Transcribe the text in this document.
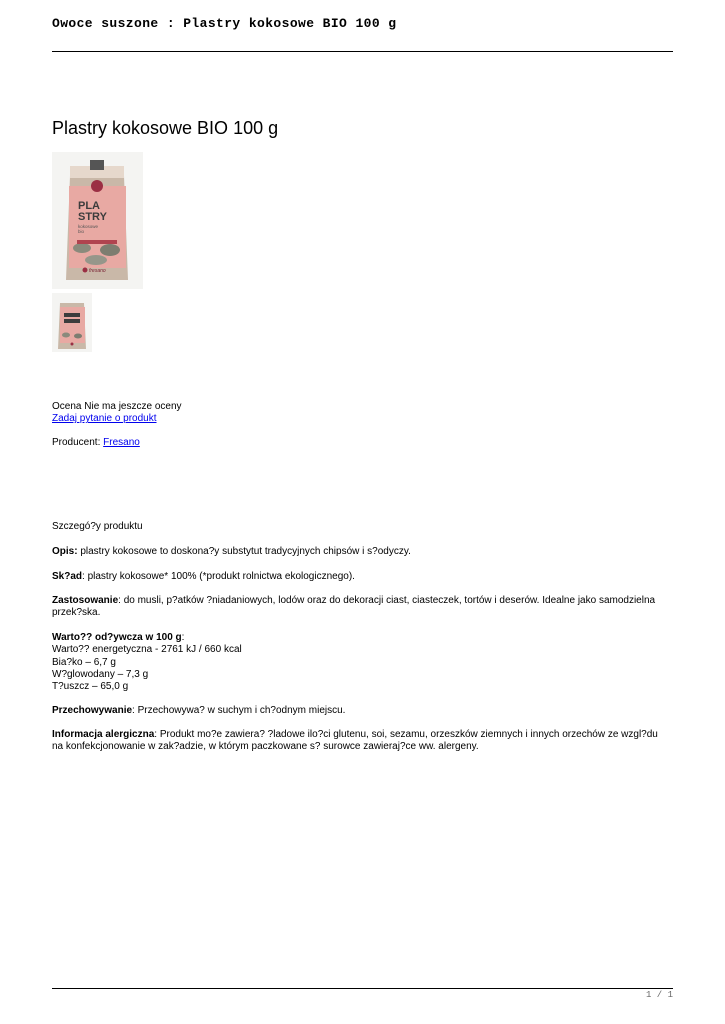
Owoce suszone : Plastry kokosowe BIO 100 g
Plastry kokosowe BIO 100 g
PLA
STRY
kokosowe
bio
fresano

Ocena Nie ma jeszcze oceny

Zadaj pytanie o produkt

Producent: Fresano

Szczegó?y produktu

Opis: plastry kokosowe to doskona?y substytut tradycyjnych chipsów i s?odyczy.

Sk?ad: plastry kokosowe* 100% (*produkt rolnictwa ekologicznego).

Zastosowanie: do musli, p?atków ?niadaniowych, lodów oraz do dekoracji ciast, ciasteczek, tortów i deserów. Idealne jako samodzielna przek?ska.

Warto?? od?ywcza w 100 g:

Warto?? energetyczna - 2761 kJ / 660 kcal

Bia?ko – 6,7 g

W?glowodany – 7,3 g

T?uszcz – 65,0 g

Przechowywanie: Przechowywa? w suchym i ch?odnym miejscu.

Informacja alergiczna: Produkt mo?e zawiera? ?ladowe ilo?ci glutenu, soi, sezamu, orzeszków ziemnych i innych orzechów ze wzgl?du na konfekcjonowanie w zak?adzie, w którym paczkowane s? surowce zawieraj?ce ww. alergeny.

1 / 1
